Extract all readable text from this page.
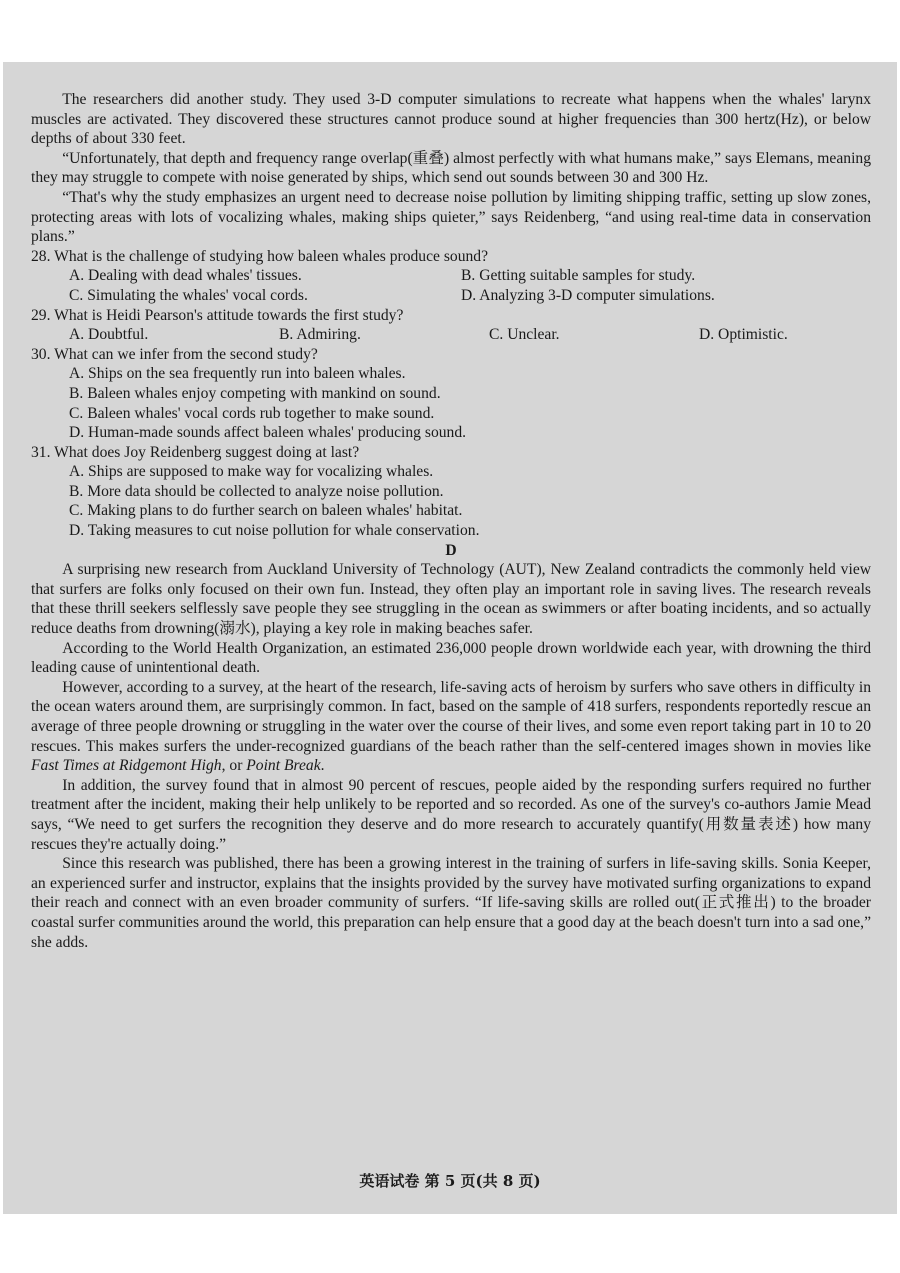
The researchers did another study. They used 3-D computer simulations to recreate what happens when the whales' larynx muscles are activated. They discovered these structures cannot produce sound at higher frequencies than 300 hertz(Hz), or below depths of about 330 feet.

“Unfortunately, that depth and frequency range overlap(重叠) almost perfectly with what humans make,” says Elemans, meaning they may struggle to compete with noise generated by ships, which send out sounds between 30 and 300 Hz.

“That's why the study emphasizes an urgent need to decrease noise pollution by limiting shipping traffic, setting up slow zones, protecting areas with lots of vocalizing whales, making ships quieter,” says Reidenberg, “and using real-time data in conservation plans.”

28. What is the challenge of studying how baleen whales produce sound?

A. Dealing with dead whales' tissues.	B. Getting suitable samples for study.
C. Simulating the whales' vocal cords.	D. Analyzing 3-D computer simulations.

29. What is Heidi Pearson's attitude towards the first study?

A. Doubtful.	B. Admiring.	C. Unclear.	D. Optimistic.

30. What can we infer from the second study?

A. Ships on the sea frequently run into baleen whales.
B. Baleen whales enjoy competing with mankind on sound.
C. Baleen whales' vocal cords rub together to make sound.
D. Human-made sounds affect baleen whales' producing sound.

31. What does Joy Reidenberg suggest doing at last?

A. Ships are supposed to make way for vocalizing whales.
B. More data should be collected to analyze noise pollution.
C. Making plans to do further search on baleen whales' habitat.
D. Taking measures to cut noise pollution for whale conservation.
D

A surprising new research from Auckland University of Technology (AUT), New Zealand contradicts the commonly held view that surfers are folks only focused on their own fun. Instead, they often play an important role in saving lives. The research reveals that these thrill seekers selflessly save people they see struggling in the ocean as swimmers or after boating incidents, and so actually reduce deaths from drowning(溺水), playing a key role in making beaches safer.

According to the World Health Organization, an estimated 236,000 people drown worldwide each year, with drowning the third leading cause of unintentional death.

However, according to a survey, at the heart of the research, life-saving acts of heroism by surfers who save others in difficulty in the ocean waters around them, are surprisingly common. In fact, based on the sample of 418 surfers, respondents reportedly rescue an average of three people drowning or struggling in the water over the course of their lives, and some even report taking part in 10 to 20 rescues. This makes surfers the under-recognized guardians of the beach rather than the self-centered images shown in movies like Fast Times at Ridgemont High, or Point Break.

In addition, the survey found that in almost 90 percent of rescues, people aided by the responding surfers required no further treatment after the incident, making their help unlikely to be reported and so recorded. As one of the survey's co-authors Jamie Mead says, “We need to get surfers the recognition they deserve and do more research to accurately quantify(用数量表述) how many rescues they're actually doing.”

Since this research was published, there has been a growing interest in the training of surfers in life-saving skills. Sonia Keeper, an experienced surfer and instructor, explains that the insights provided by the survey have motivated surfing organizations to expand their reach and connect with an even broader community of surfers. “If life-saving skills are rolled out(正式推出) to the broader coastal surfer communities around the world, this preparation can help ensure that a good day at the beach doesn't turn into a sad one,” she adds.

英语试卷 第 5 页(共 8 页)
